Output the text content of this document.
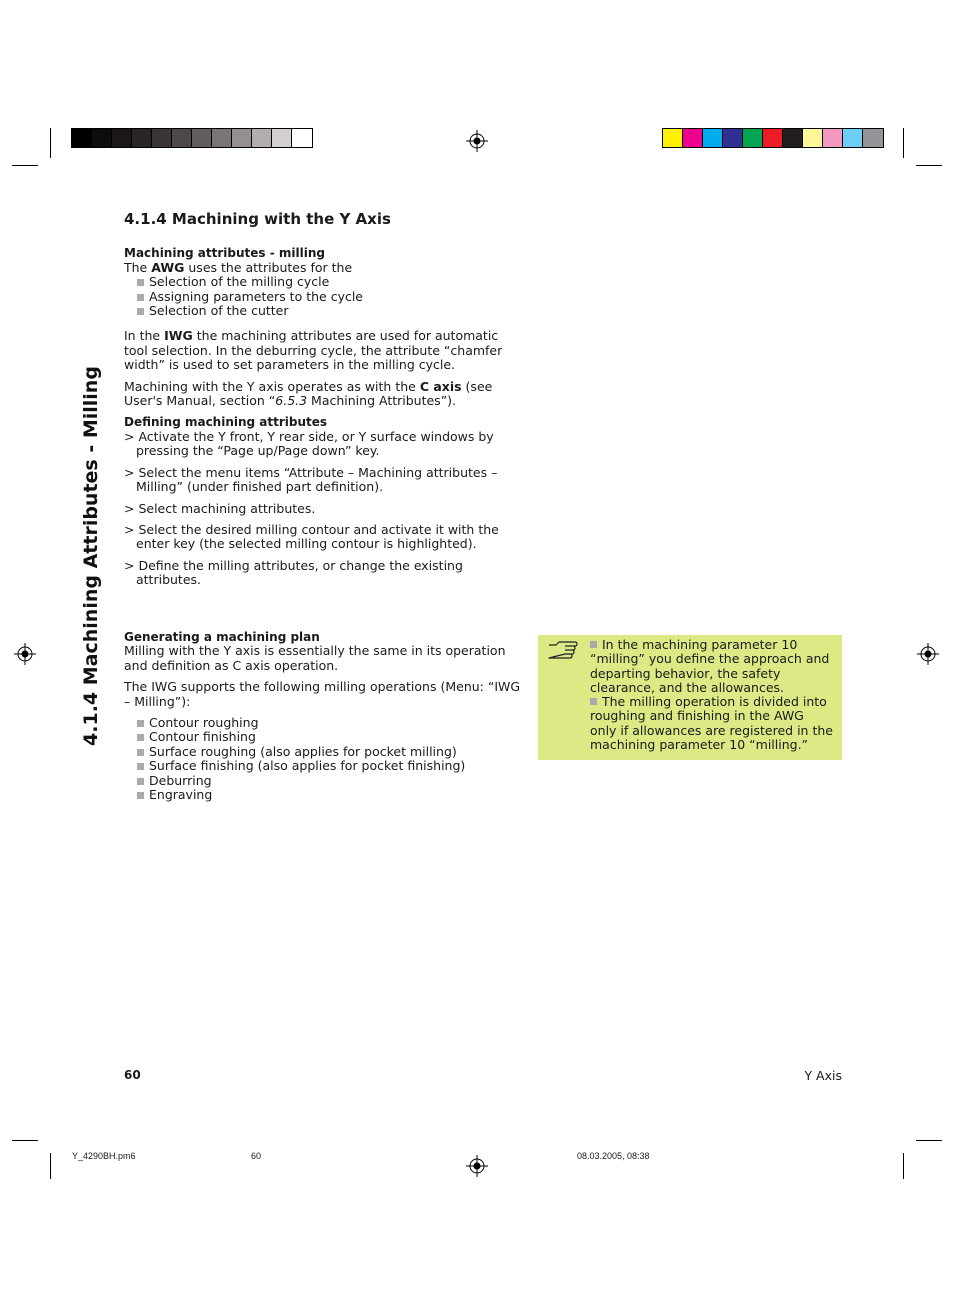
4.1.4 Machining Attributes - Milling
4.1.4 Machining with the Y Axis

Machining attributes - milling

The AWG uses the attributes for the

Selection of the milling cycle
Assigning parameters to the cycle
Selection of the cutter

In the IWG the machining attributes are used for automatic tool selection. In the deburring cycle, the attribute “chamfer width” is used to set parameters in the milling cycle.

Machining with the Y axis operates as with the C axis (see User's Manual, section “6.5.3 Machining Attributes”).

Defining machining attributes

> Activate the Y front, Y rear side, or Y surface windows by pressing the “Page up/Page down” key.

> Select the menu items “Attribute – Machining attributes – Milling” (under finished part definition).

> Select machining attributes.

> Select the desired milling contour and activate it with the enter key (the selected milling contour is highlighted).

> Define the milling attributes, or change the existing attributes.

Generating a machining plan

Milling with the Y axis is essentially the same in its operation and definition as C axis operation.

The IWG supports the following milling operations (Menu: “IWG – Milling”):

Contour roughing
Contour finishing
Surface roughing (also applies for pocket milling)
Surface finishing (also applies for pocket finishing)
Deburring
Engraving
In the machining parameter 10 “milling” you define the approach and departing behavior, the safety clearance, and the allowances.
The milling operation is divided into roughing and finishing in the AWG only if allowances are registered in the machining parameter 10 “milling.”
60	Y Axis
Y_4290BH.pm6	60	08.03.2005, 08:38
